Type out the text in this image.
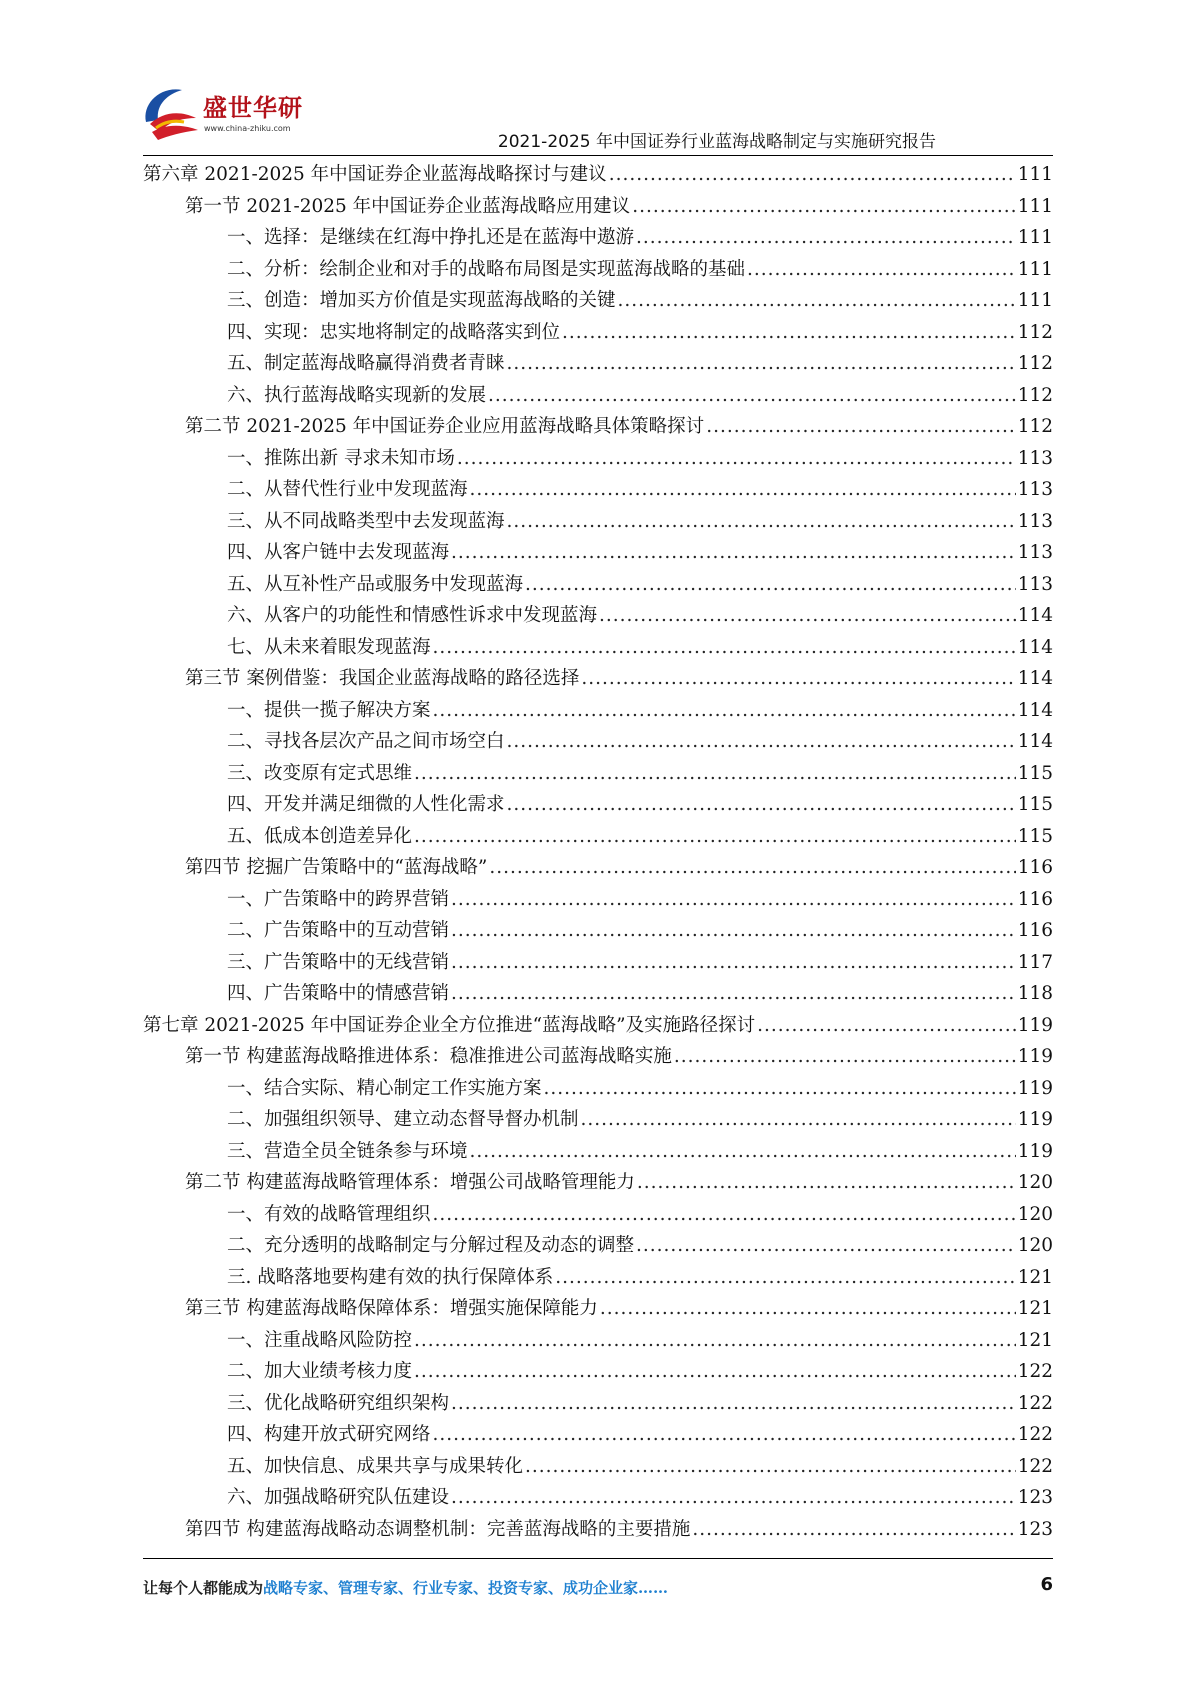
盛世华研
www.china-zhiku.com
2021-2025 年中国证券行业蓝海战略制定与实施研究报告
第六章 2021-2025 年中国证券企业蓝海战略探讨与建议 .....	111
第一节 2021-2025 年中国证券企业蓝海战略应用建议 .....	111
一、选择：是继续在红海中挣扎还是在蓝海中遨游 .....	111
二、分析：绘制企业和对手的战略布局图是实现蓝海战略的基础 .....	111
三、创造：增加买方价值是实现蓝海战略的关键 .....	111
四、实现：忠实地将制定的战略落实到位 .....	112
五、制定蓝海战略赢得消费者青睐 .....	112
六、执行蓝海战略实现新的发展 .....	112
第二节 2021-2025 年中国证券企业应用蓝海战略具体策略探讨 .....	112
一、推陈出新 寻求未知市场 .....	113
二、从替代性行业中发现蓝海 .....	113
三、从不同战略类型中去发现蓝海 .....	113
四、从客户链中去发现蓝海 .....	113
五、从互补性产品或服务中发现蓝海 .....	113
六、从客户的功能性和情感性诉求中发现蓝海 .....	114
七、从未来着眼发现蓝海 .....	114
第三节 案例借鉴：我国企业蓝海战略的路径选择 .....	114
一、提供一揽子解决方案 .....	114
二、寻找各层次产品之间市场空白 .....	114
三、改变原有定式思维 .....	115
四、开发并满足细微的人性化需求 .....	115
五、低成本创造差异化 .....	115
第四节 挖掘广告策略中的“蓝海战略” .....	116
一、广告策略中的跨界营销 .....	116
二、广告策略中的互动营销 .....	116
三、广告策略中的无线营销 .....	117
四、广告策略中的情感营销 .....	118
第七章 2021-2025 年中国证券企业全方位推进“蓝海战略”及实施路径探讨 .....	119
第一节 构建蓝海战略推进体系：稳准推进公司蓝海战略实施 .....	119
一、结合实际、精心制定工作实施方案 .....	119
二、加强组织领导、建立动态督导督办机制 .....	119
三、营造全员全链条参与环境 .....	119
第二节 构建蓝海战略管理体系：增强公司战略管理能力 .....	120
一、有效的战略管理组织 .....	120
二、充分透明的战略制定与分解过程及动态的调整 .....	120
三. 战略落地要构建有效的执行保障体系 .....	121
第三节 构建蓝海战略保障体系：增强实施保障能力 .....	121
一、注重战略风险防控 .....	121
二、加大业绩考核力度 .....	122
三、优化战略研究组织架构 .....	122
四、构建开放式研究网络 .....	122
五、加快信息、成果共享与成果转化 .....	122
六、加强战略研究队伍建设 .....	123
第四节 构建蓝海战略动态调整机制：完善蓝海战略的主要措施 .....	123
让每个人都能成为战略专家、管理专家、行业专家、投资专家、成功企业家……	6
